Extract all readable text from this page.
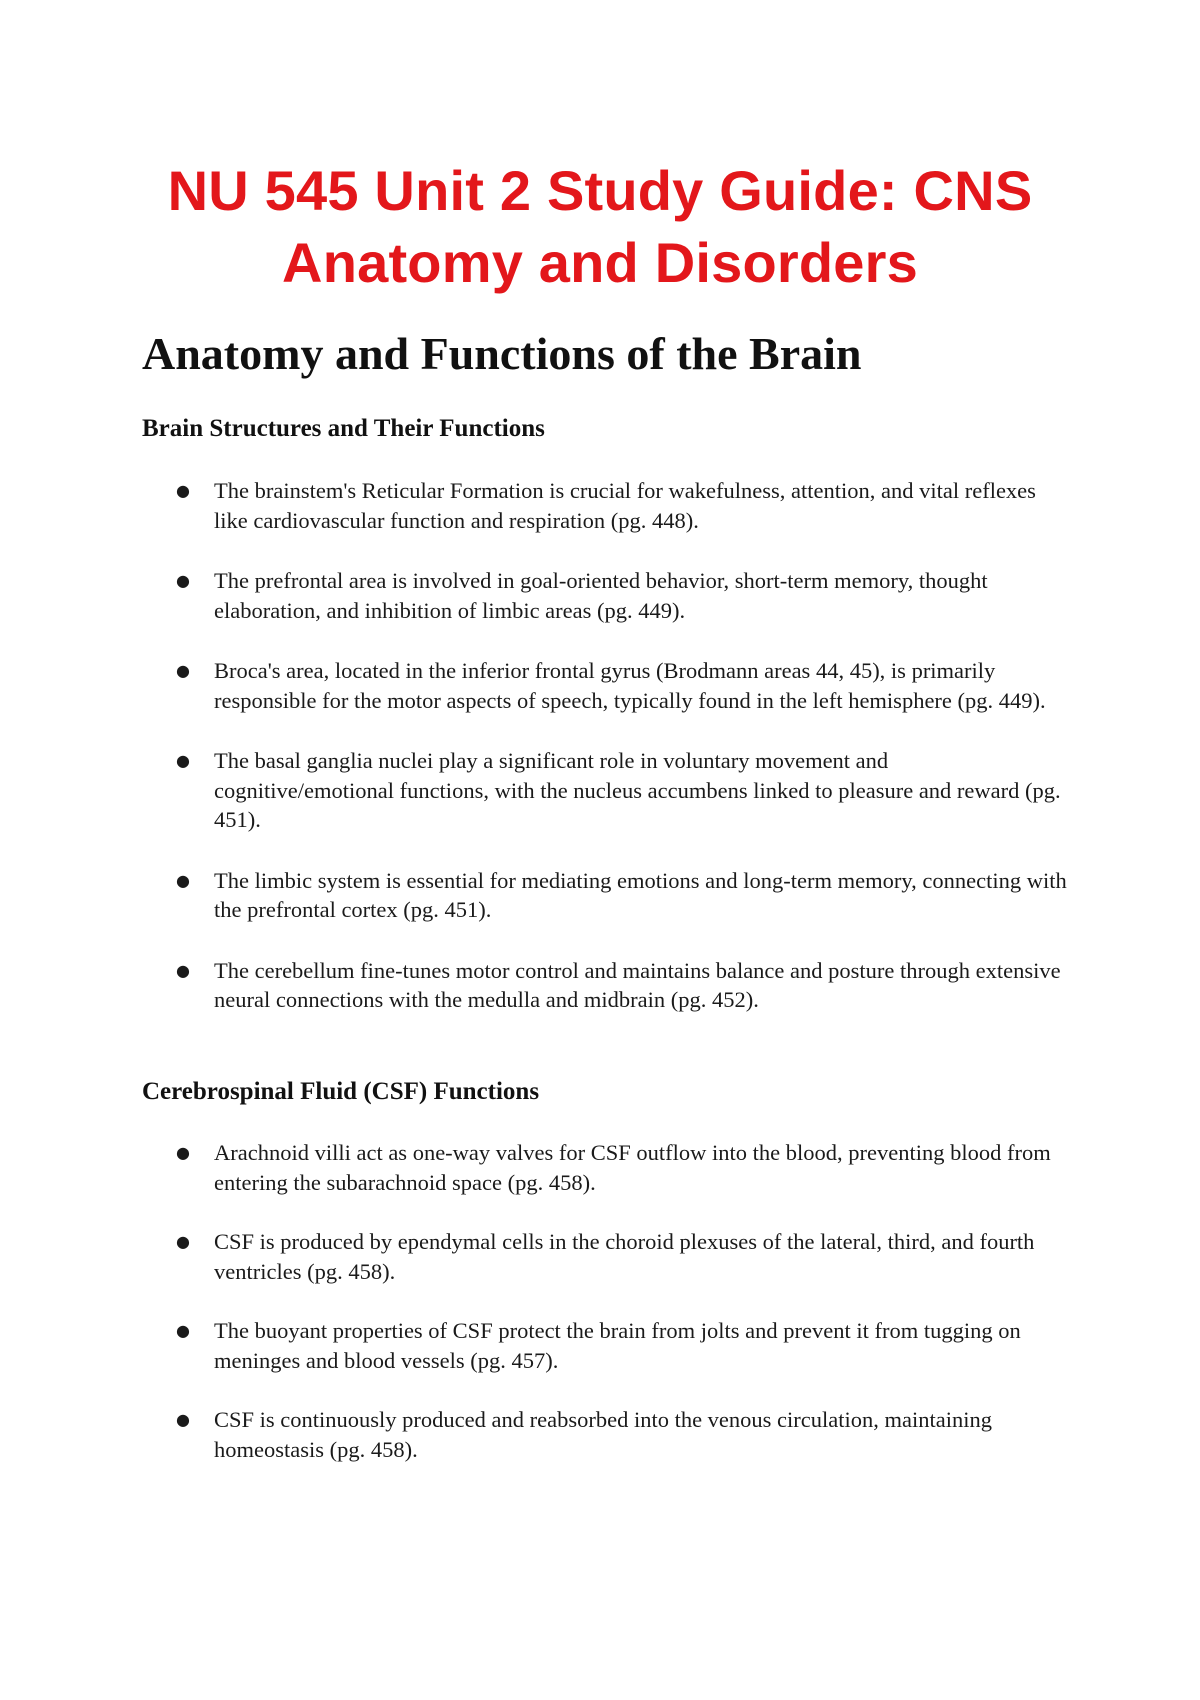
NU 545 Unit 2 Study Guide: CNS Anatomy and Disorders
Anatomy and Functions of the Brain
Brain Structures and Their Functions
● The brainstem's Reticular Formation is crucial for wakefulness, attention, and vital reflexes like cardiovascular function and respiration (pg. 448).
● The prefrontal area is involved in goal-oriented behavior, short-term memory, thought elaboration, and inhibition of limbic areas (pg. 449).
● Broca's area, located in the inferior frontal gyrus (Brodmann areas 44, 45), is primarily responsible for the motor aspects of speech, typically found in the left hemisphere (pg. 449).
● The basal ganglia nuclei play a significant role in voluntary movement and cognitive/emotional functions, with the nucleus accumbens linked to pleasure and reward (pg. 451).
● The limbic system is essential for mediating emotions and long-term memory, connecting with the prefrontal cortex (pg. 451).
● The cerebellum fine-tunes motor control and maintains balance and posture through extensive neural connections with the medulla and midbrain (pg. 452).
Cerebrospinal Fluid (CSF) Functions
● Arachnoid villi act as one-way valves for CSF outflow into the blood, preventing blood from entering the subarachnoid space (pg. 458).
● CSF is produced by ependymal cells in the choroid plexuses of the lateral, third, and fourth ventricles (pg. 458).
● The buoyant properties of CSF protect the brain from jolts and prevent it from tugging on meninges and blood vessels (pg. 457).
● CSF is continuously produced and reabsorbed into the venous circulation, maintaining homeostasis (pg. 458).
